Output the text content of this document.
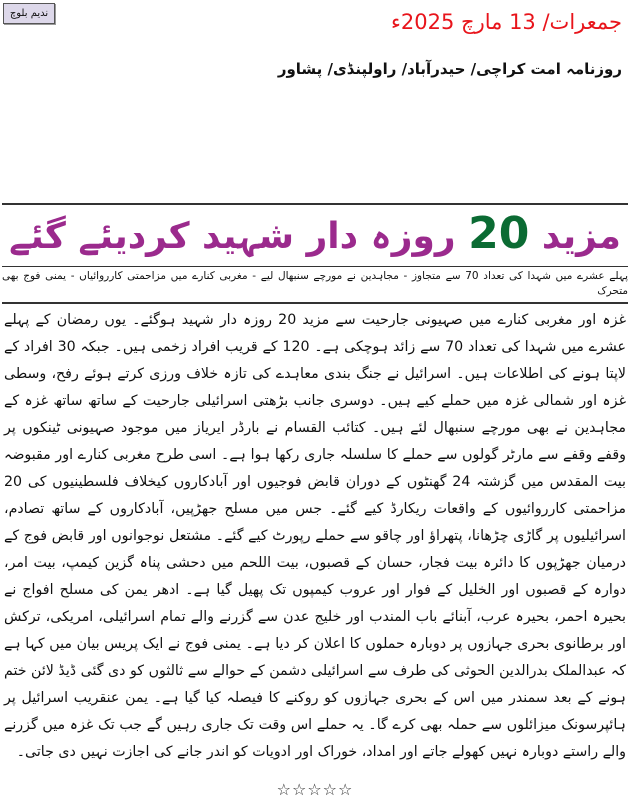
ندیم بلوچ	جمعرات/ 13 مارچ 2025ء
روزنامہ امت کراچی/ حیدرآباد/ راولپنڈی/ پشاور
مزید 20 روزہ دار شہید کردیئے گئے
پہلے عشرے میں شہدا کی تعداد 70 سے متجاوز - مجاہدین نے مورچے سنبھال لیے - مغربی کنارے میں مزاحمتی کارروائیاں - یمنی فوج بھی متحرک
غزہ اور مغربی کنارے میں صہیونی جارحیت سے مزید 20 روزہ دار شہید ہوگئے۔ یوں رمضان کے پہلے عشرے میں شہدا کی تعداد 70 سے زائد ہوچکی ہے۔ 120 کے قریب افراد زخمی ہیں۔ جبکہ 30 افراد کے لاپتا ہونے کی اطلاعات ہیں۔ اسرائیل نے جنگ بندی معاہدے کی تازہ خلاف ورزی کرتے ہوئے رفح، وسطی غزہ اور شمالی غزہ میں حملے کیے ہیں۔ دوسری جانب بڑھتی اسرائیلی جارحیت کے ساتھ ساتھ غزہ کے مجاہدین نے بھی مورچے سنبھال لئے ہیں۔ کتائب القسام نے بارڈر ایریاز میں موجود صہیونی ٹینکوں پر وقفے وقفے سے مارٹر گولوں سے حملے کا سلسلہ جاری رکھا ہوا ہے۔ اسی طرح مغربی کنارے اور مقبوضہ بیت المقدس میں گزشتہ 24 گھنٹوں کے دوران قابض فوجیوں اور آبادکاروں کیخلاف فلسطینیوں کی 20 مزاحمتی کارروائیوں کے واقعات ریکارڈ کیے گئے۔ جس میں مسلح جھڑپیں، آبادکاروں کے ساتھ تصادم، اسرائیلیوں پر گاڑی چڑھانا، پتھراؤ اور چاقو سے حملے رپورٹ کیے گئے۔ مشتعل نوجوانوں اور قابض فوج کے درمیان جھڑپوں کا دائرہ بیت فجار، حسان کے قصبوں، بیت اللحم میں دحشی پناہ گزین کیمپ، بیت امر، دوارہ کے قصبوں اور الخلیل کے فوار اور عروب کیمپوں تک پھیل گیا ہے۔ ادھر یمن کی مسلح افواج نے بحیرہ احمر، بحیرہ عرب، آبنائے باب المندب اور خلیج عدن سے گزرنے والے تمام اسرائیلی، امریکی، ترکش اور برطانوی بحری جہازوں پر دوبارہ حملوں کا اعلان کر دیا ہے۔ یمنی فوج نے ایک پریس بیان میں کہا ہے کہ عبدالملک بدرالدین الحوثی کی طرف سے اسرائیلی دشمن کے حوالے سے ثالثوں کو دی گئی ڈیڈ لائن ختم ہونے کے بعد سمندر میں اس کے بحری جہازوں کو روکنے کا فیصلہ کیا گیا ہے۔ یمن عنقریب اسرائیل پر ہائپرسونک میزائلوں سے حملہ بھی کرے گا۔ یہ حملے اس وقت تک جاری رہیں گے جب تک غزہ میں گزرنے والے راستے دوبارہ نہیں کھولے جاتے اور امداد، خوراک اور ادویات کو اندر جانے کی اجازت نہیں دی جاتی۔
☆☆☆☆☆
